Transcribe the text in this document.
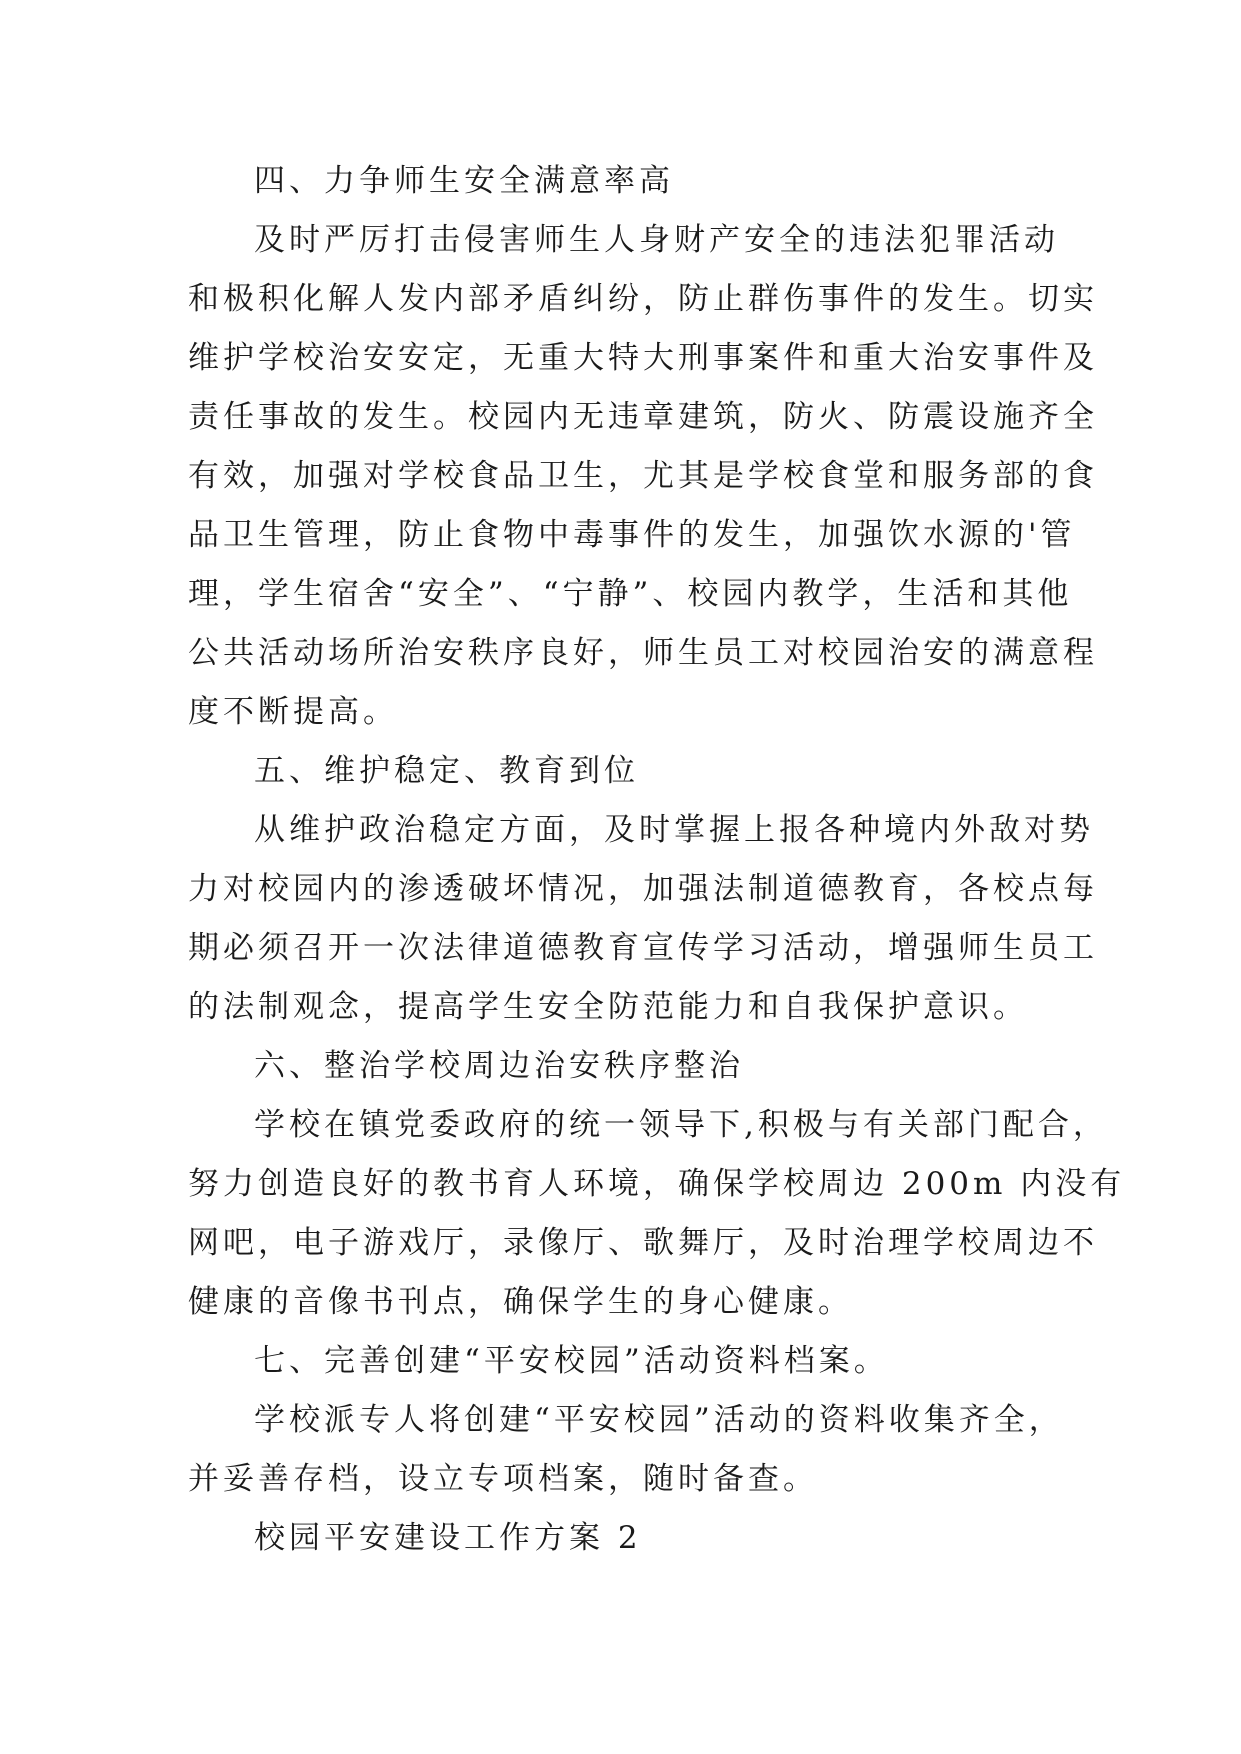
四、力争师生安全满意率高

及时严厉打击侵害师生人身财产安全的违法犯罪活动

和极积化解人发内部矛盾纠纷，防止群伤事件的发生。切实

维护学校治安安定，无重大特大刑事案件和重大治安事件及

责任事故的发生。校园内无违章建筑，防火、防震设施齐全

有效，加强对学校食品卫生，尤其是学校食堂和服务部的食

品卫生管理，防止食物中毒事件的发生，加强饮水源的'管

理，学生宿舍“安全”、“宁静”、校园内教学，生活和其他

公共活动场所治安秩序良好，师生员工对校园治安的满意程

度不断提高。

五、维护稳定、教育到位

从维护政治稳定方面，及时掌握上报各种境内外敌对势

力对校园内的渗透破坏情况，加强法制道德教育，各校点每

期必须召开一次法律道德教育宣传学习活动，增强师生员工

的法制观念，提高学生安全防范能力和自我保护意识。

六、整治学校周边治安秩序整治

学校在镇党委政府的统一领导下,积极与有关部门配合，

努力创造良好的教书育人环境，确保学校周边 200m 内没有

网吧，电子游戏厅，录像厅、歌舞厅，及时治理学校周边不

健康的音像书刊点，确保学生的身心健康。

七、完善创建“平安校园”活动资料档案。

学校派专人将创建“平安校园”活动的资料收集齐全，

并妥善存档，设立专项档案，随时备查。

校园平安建设工作方案 2
